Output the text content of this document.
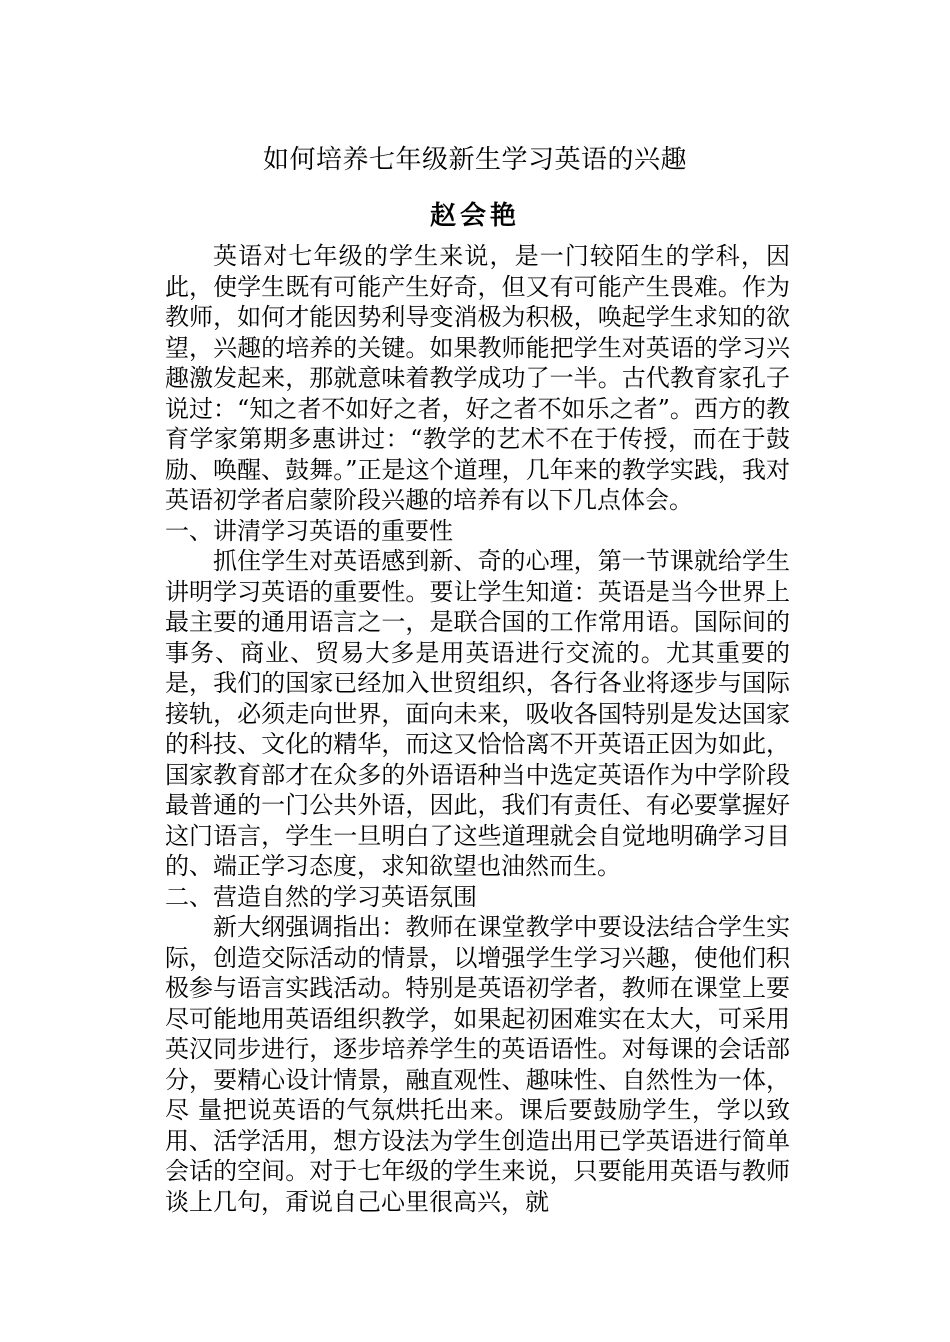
如何培养七年级新生学习英语的兴趣
赵会艳

英语对七年级的学生来说，是一门较陌生的学科，因此，使学生既有可能产生好奇，但又有可能产生畏难。作为教师，如何才能因势利导变消极为积极，唤起学生求知的欲望，兴趣的培养的关键。如果教师能把学生对英语的学习兴趣激发起来，那就意味着教学成功了一半。古代教育家孔子说过：“知之者不如好之者，好之者不如乐之者”。西方的教育学家第期多惠讲过：“教学的艺术不在于传授，而在于鼓励、唤醒、鼓舞。”正是这个道理，几年来的教学实践，我对英语初学者启蒙阶段兴趣的培养有以下几点体会。

一、讲清学习英语的重要性

抓住学生对英语感到新、奇的心理，第一节课就给学生讲明学习英语的重要性。要让学生知道：英语是当今世界上最主要的通用语言之一，是联合国的工作常用语。国际间的事务、商业、贸易大多是用英语进行交流的。尤其重要的是，我们的国家已经加入世贸组织，各行各业将逐步与国际接轨，必须走向世界，面向未来，吸收各国特别是发达国家的科技、文化的精华，而这又恰恰离不开英语正因为如此，国家教育部才在众多的外语语种当中选定英语作为中学阶段最普通的一门公共外语，因此，我们有责任、有必要掌握好这门语言，学生一旦明白了这些道理就会自觉地明确学习目的、端正学习态度，求知欲望也油然而生。

二、营造自然的学习英语氛围

新大纲强调指出：教师在课堂教学中要设法结合学生实际，创造交际活动的情景，以增强学生学习兴趣，使他们积极参与语言实践活动。特别是英语初学者，教师在课堂上要尽可能地用英语组织教学，如果起初困难实在太大，可采用英汉同步进行，逐步培养学生的英语语性。对每课的会话部分，要精心设计情景，融直观性、趣味性、自然性为一体，尽 量把说英语的气氛烘托出来。课后要鼓励学生，学以致用、活学活用，想方设法为学生创造出用已学英语进行简单会话的空间。对于七年级的学生来说，只要能用英语与教师谈上几句，甭说自己心里很高兴，就
